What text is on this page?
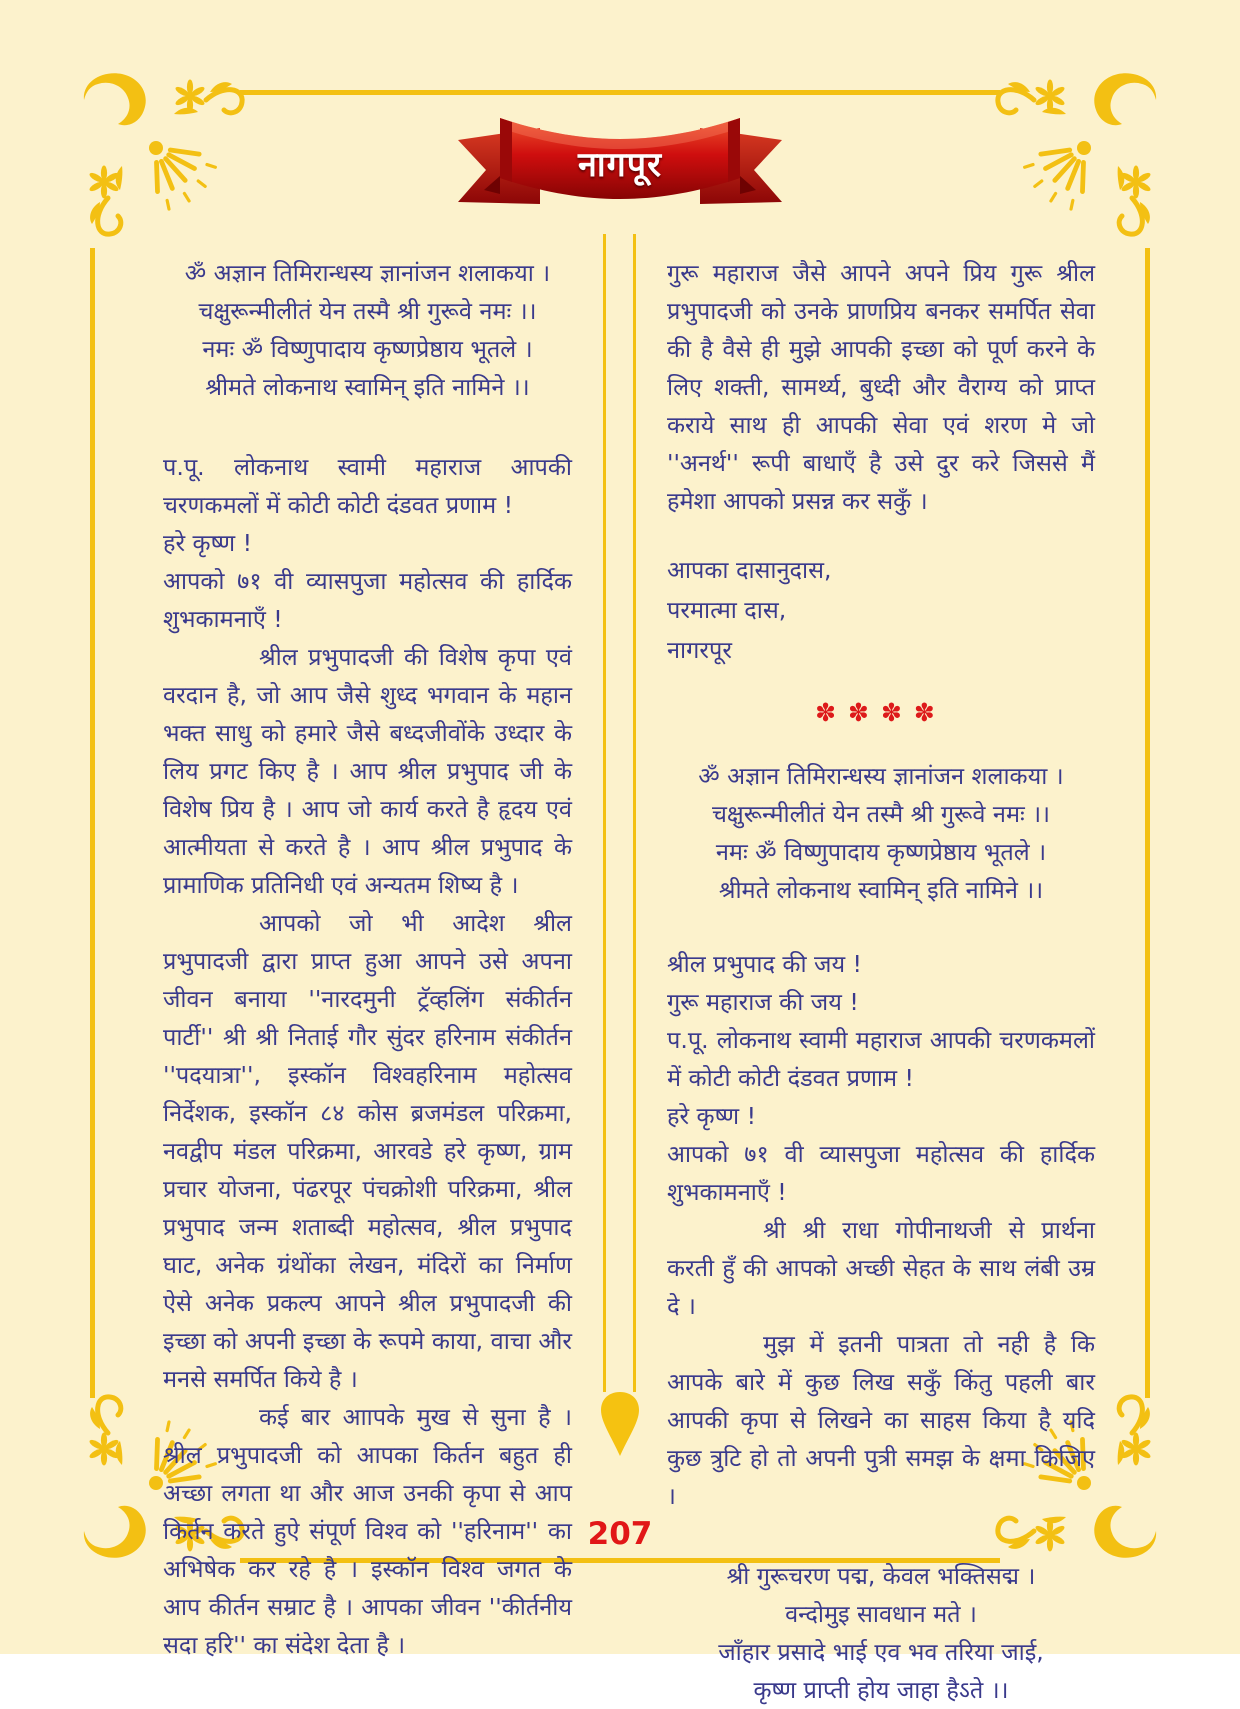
नागपूर

ॐ अज्ञान तिमिरान्धस्य ज्ञानांजन शलाकया ।

चक्षुरून्मीलीतं येन तस्मै श्री गुरूवे नमः ।।

नमः ॐ विष्णुपादाय कृष्णप्रेष्ठाय भूतले ।

श्रीमते लोकनाथ स्वामिन् इति नामिने ।।

प.पू. लोकनाथ स्वामी महाराज आपकी चरणकमलों में कोटी कोटी दंडवत प्रणाम !

हरे कृष्ण !

आपको ७१ वी व्यासपुजा महोत्सव की हार्दिक शुभकामनाएँ !

श्रील प्रभुपादजी की विशेष कृपा एवं वरदान है, जो आप जैसे शुध्द भगवान के महान भक्त साधु को हमारे जैसे बध्दजीवोंके उध्दार के लिय प्रगट किए है । आप श्रील प्रभुपाद जी के विशेष प्रिय है । आप जो कार्य करते है हृदय एवं आत्मीयता से करते है । आप श्रील प्रभुपाद के प्रामाणिक प्रतिनिधी एवं अन्यतम शिष्य है ।

आपको जो भी आदेश श्रील प्रभुपादजी द्वारा प्राप्त हुआ आपने उसे अपना जीवन बनाया ''नारदमुनी ट्रॅव्हलिंग संकीर्तन पार्टी'' श्री श्री निताई गौर सुंदर हरिनाम संकीर्तन ''पदयात्रा'', इस्कॉन विश्वहरिनाम महोत्सव निर्देशक, इस्कॉन ८४ कोस ब्रजमंडल परिक्रमा, नवद्वीप मंडल परिक्रमा, आरवडे हरे कृष्ण, ग्राम प्रचार योजना, पंढरपूर पंचक्रोशी परिक्रमा, श्रील प्रभुपाद जन्म शताब्दी महोत्सव, श्रील प्रभुपाद घाट, अनेक ग्रंथोंका लेखन, मंदिरों का निर्माण ऐसे अनेक प्रकल्प आपने श्रील प्रभुपादजी की इच्छा को अपनी इच्छा के रूपमे काया, वाचा और मनसे समर्पित किये है ।

कई बार आापके मुख से सुना है । श्रील प्रभुपादजी को आपका किर्तन बहुत ही अच्छा लगता था और आज उनकी कृपा से आप किर्तन करते हुऐ संपूर्ण विश्व को ''हरिनाम'' का अभिषेक कर रहे है । इस्कॉन विश्व जगत के आप कीर्तन सम्राट है । आपका जीवन ''कीर्तनीय सदा हरि'' का संदेश देता है ।

गुरू महाराज जैसे आपने अपने प्रिय गुरू श्रील प्रभुपादजी को उनके प्राणप्रिय बनकर समर्पित सेवा की है वैसे ही मुझे आपकी इच्छा को पूर्ण करने के लिए शक्ती, सामर्थ्य, बुध्दी और वैराग्य को प्राप्त कराये साथ ही आपकी सेवा एवं शरण मे जो ''अनर्थ'' रूपी बाधाएँ है उसे दुर करे जिससे मैं हमेशा आपको प्रसन्न कर सकुँ ।

आपका दासानुदास,

परमात्मा दास,

नागरपूर

✽✽✽✽

ॐ अज्ञान तिमिरान्धस्य ज्ञानांजन शलाकया ।

चक्षुरून्मीलीतं येन तस्मै श्री गुरूवे नमः ।।

नमः ॐ विष्णुपादाय कृष्णप्रेष्ठाय भूतले ।

श्रीमते लोकनाथ स्वामिन् इति नामिने ।।

श्रील प्रभुपाद की जय !

गुरू महाराज की जय !

प.पू. लोकनाथ स्वामी महाराज आपकी चरणकमलों में कोटी कोटी दंडवत प्रणाम !

हरे कृष्ण !

आपको ७१ वी व्यासपुजा महोत्सव की हार्दिक शुभकामनाएँ !

श्री श्री राधा गोपीनाथजी से प्रार्थना करती हुँ की आपको अच्छी सेहत के साथ लंबी उम्र दे ।

मुझ में इतनी पात्रता तो नही है कि आपके बारे में कुछ लिख सकुँ किंतु पहली बार आपकी कृपा से लिखने का साहस किया है यदि कुछ त्रुटि हो तो अपनी पुत्री समझ के क्षमा किजिए ।

श्री गुरूचरण पद्म, केवल भक्तिसद्म ।

वन्दोमुइ सावधान मते ।

जाँहार प्रसादे भाई एव भव तरिया जाई,

कृष्ण प्राप्ती होय जाहा हैऽते ।।

207
